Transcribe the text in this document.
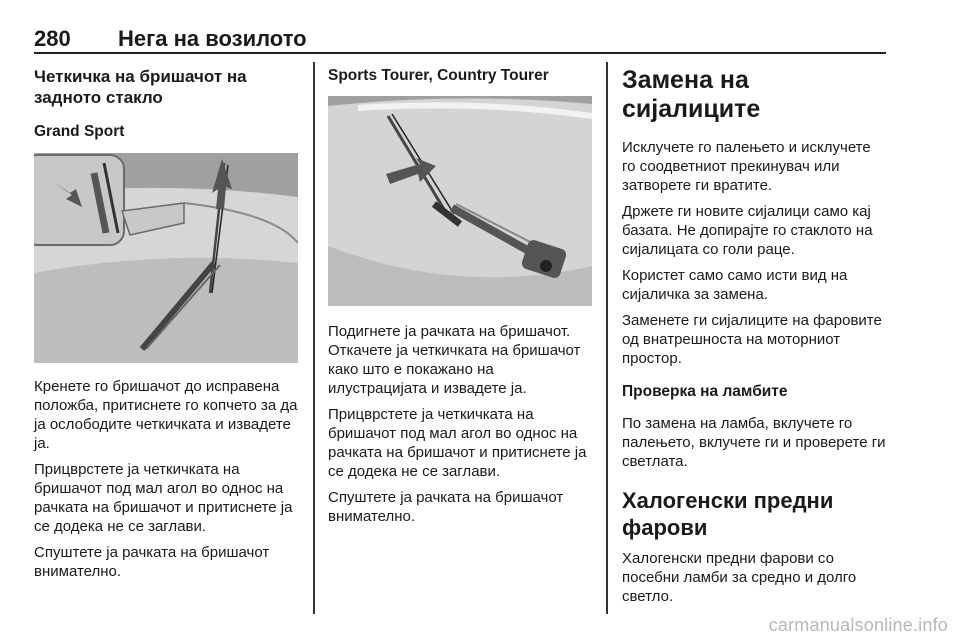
280 Нега на возилото
Четкичка на бришачот на задното стакло
Grand Sport
Кренете го бришачот до исправена положба, притиснете го копчето за да ја ослободите четкичката и извадете ја.
Прицврстете ја четкичката на бришачот под мал агол во однос на рачката на бришачот и притиснете ја се додека не се заглави.
Спуштете ја рачката на бришачот внимателно.
Sports Tourer, Country Tourer
Подигнете ја рачката на бришачот. Откачете ја четкичката на бришачот како што е покажано на илустрацијата и извадете ја.
Прицврстете ја четкичката на бришачот под мал агол во однос на рачката на бришачот и притиснете ја се додека не се заглави.
Спуштете ја рачката на бришачот внимателно.
Замена на сијалиците
Исклучете го палењето и исклучете го соодветниот прекинувач или затворете ги вратите.
Држете ги новите сијалици само кај базата. Не допирајте го стаклото на сијалицата со голи раце.
Користет само само исти вид на сијаличка за замена.
Заменете ги сијалиците на фаровите од внатрешноста на моторниот простор.
Проверка на ламбите
По замена на ламба, вклучете го палењето, вклучете ги и проверете ги светлата.
Халогенски предни фарови
Халогенски предни фарови со посебни ламби за средно и долго светло.
carmanualsonline.info
